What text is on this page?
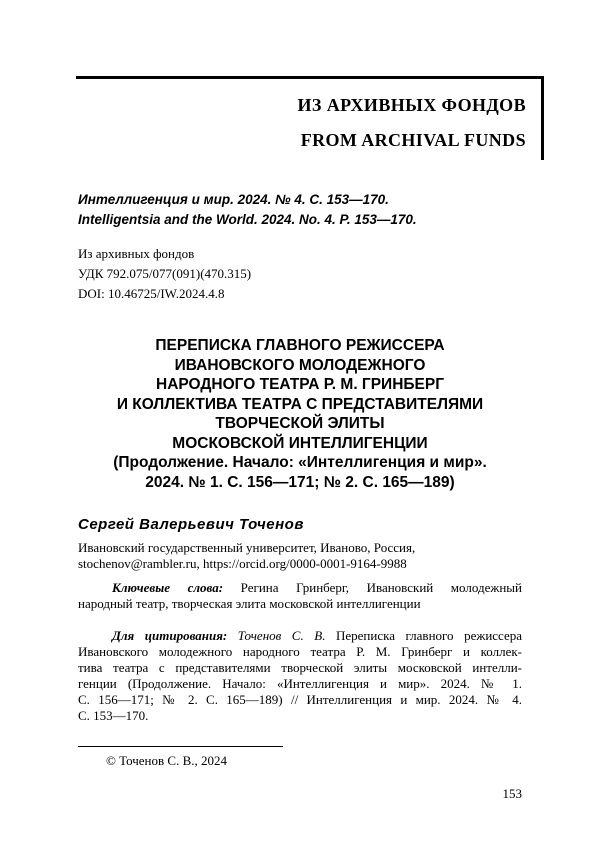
ИЗ АРХИВНЫХ ФОНДОВ
FROM ARCHIVAL FUNDS
Интеллигенция и мир. 2024. № 4. С. 153—170.
Intelligentsia and the World. 2024. No. 4. P. 153—170.
Из архивных фондов
УДК 792.075/077(091)(470.315)
DOI: 10.46725/IW.2024.4.8
ПЕРЕПИСКА ГЛАВНОГО РЕЖИССЕРА
ИВАНОВСКОГО МОЛОДЕЖНОГО
НАРОДНОГО ТЕАТРА Р. М. ГРИНБЕРГ
И КОЛЛЕКТИВА ТЕАТРА С ПРЕДСТАВИТЕЛЯМИ
ТВОРЧЕСКОЙ ЭЛИТЫ
МОСКОВСКОЙ ИНТЕЛЛИГЕНЦИИ
(Продолжение. Начало: «Интеллигенция и мир».
2024. № 1. С. 156—171; № 2. С. 165—189)
Сергей Валерьевич Точенов
Ивановский государственный университет, Иваново, Россия,
stochenov@rambler.ru, https://orcid.org/0000-0001-9164-9988
Ключевые слова: Регина Гринберг, Ивановский молодежный
народный театр, творческая элита московской интеллигенции
Для цитирования: Точенов С. В. Переписка главного режиссера
Ивановского молодежного народного театра Р. М. Гринберг и коллек-
тива театра с представителями творческой элиты московской интелли-
генции (Продолжение. Начало: «Интеллигенция и мир». 2024. № 1.
С. 156—171; № 2. С. 165—189) // Интеллигенция и мир. 2024. № 4.
С. 153—170.
© Точенов С. В., 2024
153
